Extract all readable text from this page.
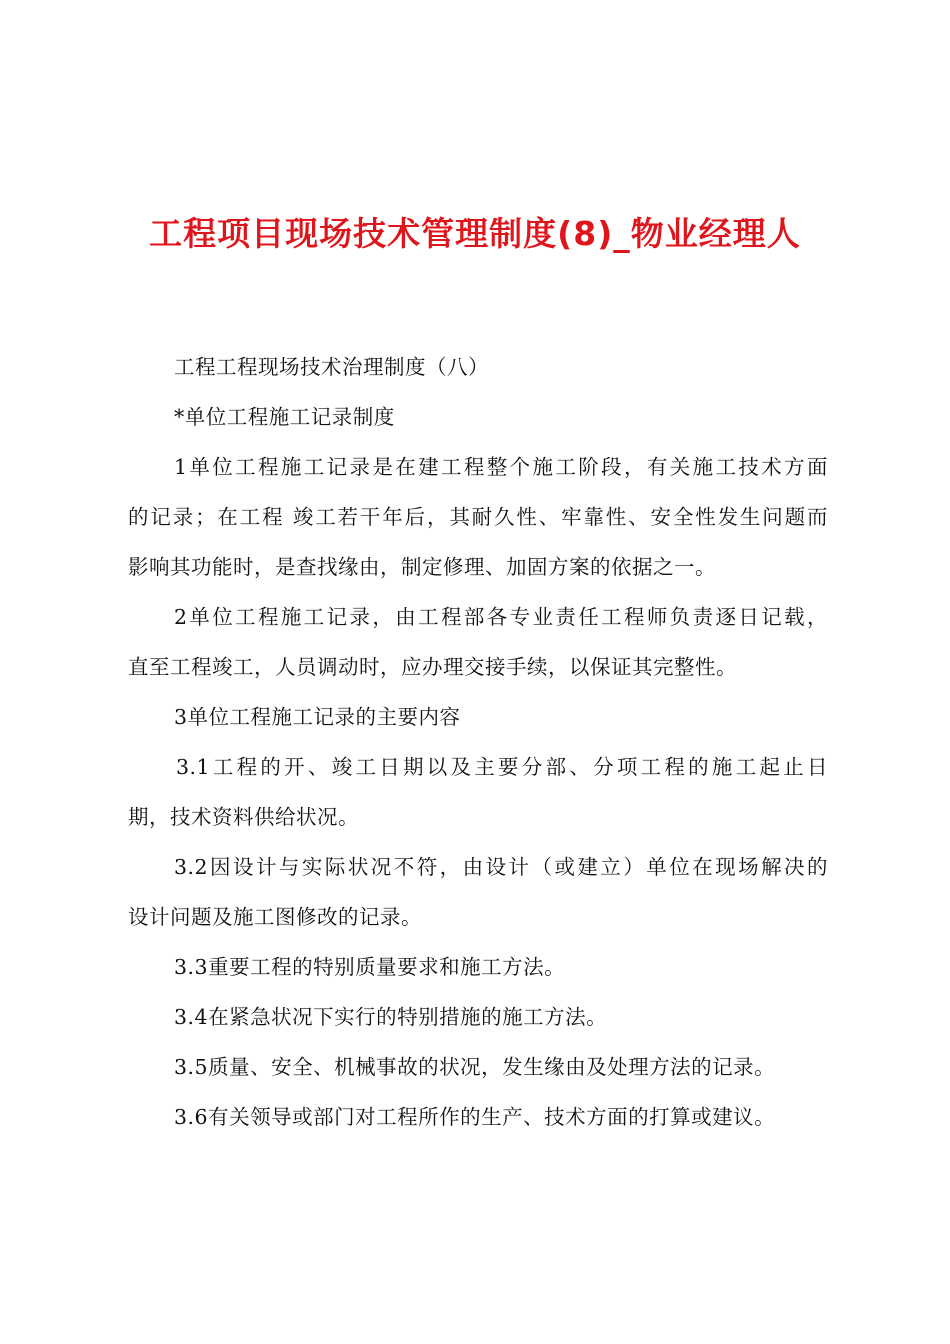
工程项目现场技术管理制度(8)_物业经理人
工程工程现场技术治理制度（八）
*单位工程施工记录制度
1单位工程施工记录是在建工程整个施工阶段，有关施工技术方面
的记录；在工程 竣工若干年后，其耐久性、牢靠性、安全性发生问题而
影响其功能时，是查找缘由，制定修理、加固方案的依据之一。
2单位工程施工记录，由工程部各专业责任工程师负责逐日记载，
直至工程竣工，人员调动时，应办理交接手续，以保证其完整性。
3单位工程施工记录的主要内容
3.1工程的开、竣工日期以及主要分部、分项工程的施工起止日
期，技术资料供给状况。
3.2因设计与实际状况不符，由设计（或建立）单位在现场解决的
设计问题及施工图修改的记录。
3.3重要工程的特别质量要求和施工方法。
3.4在紧急状况下实行的特别措施的施工方法。
3.5质量、安全、机械事故的状况，发生缘由及处理方法的记录。
3.6有关领导或部门对工程所作的生产、技术方面的打算或建议。
